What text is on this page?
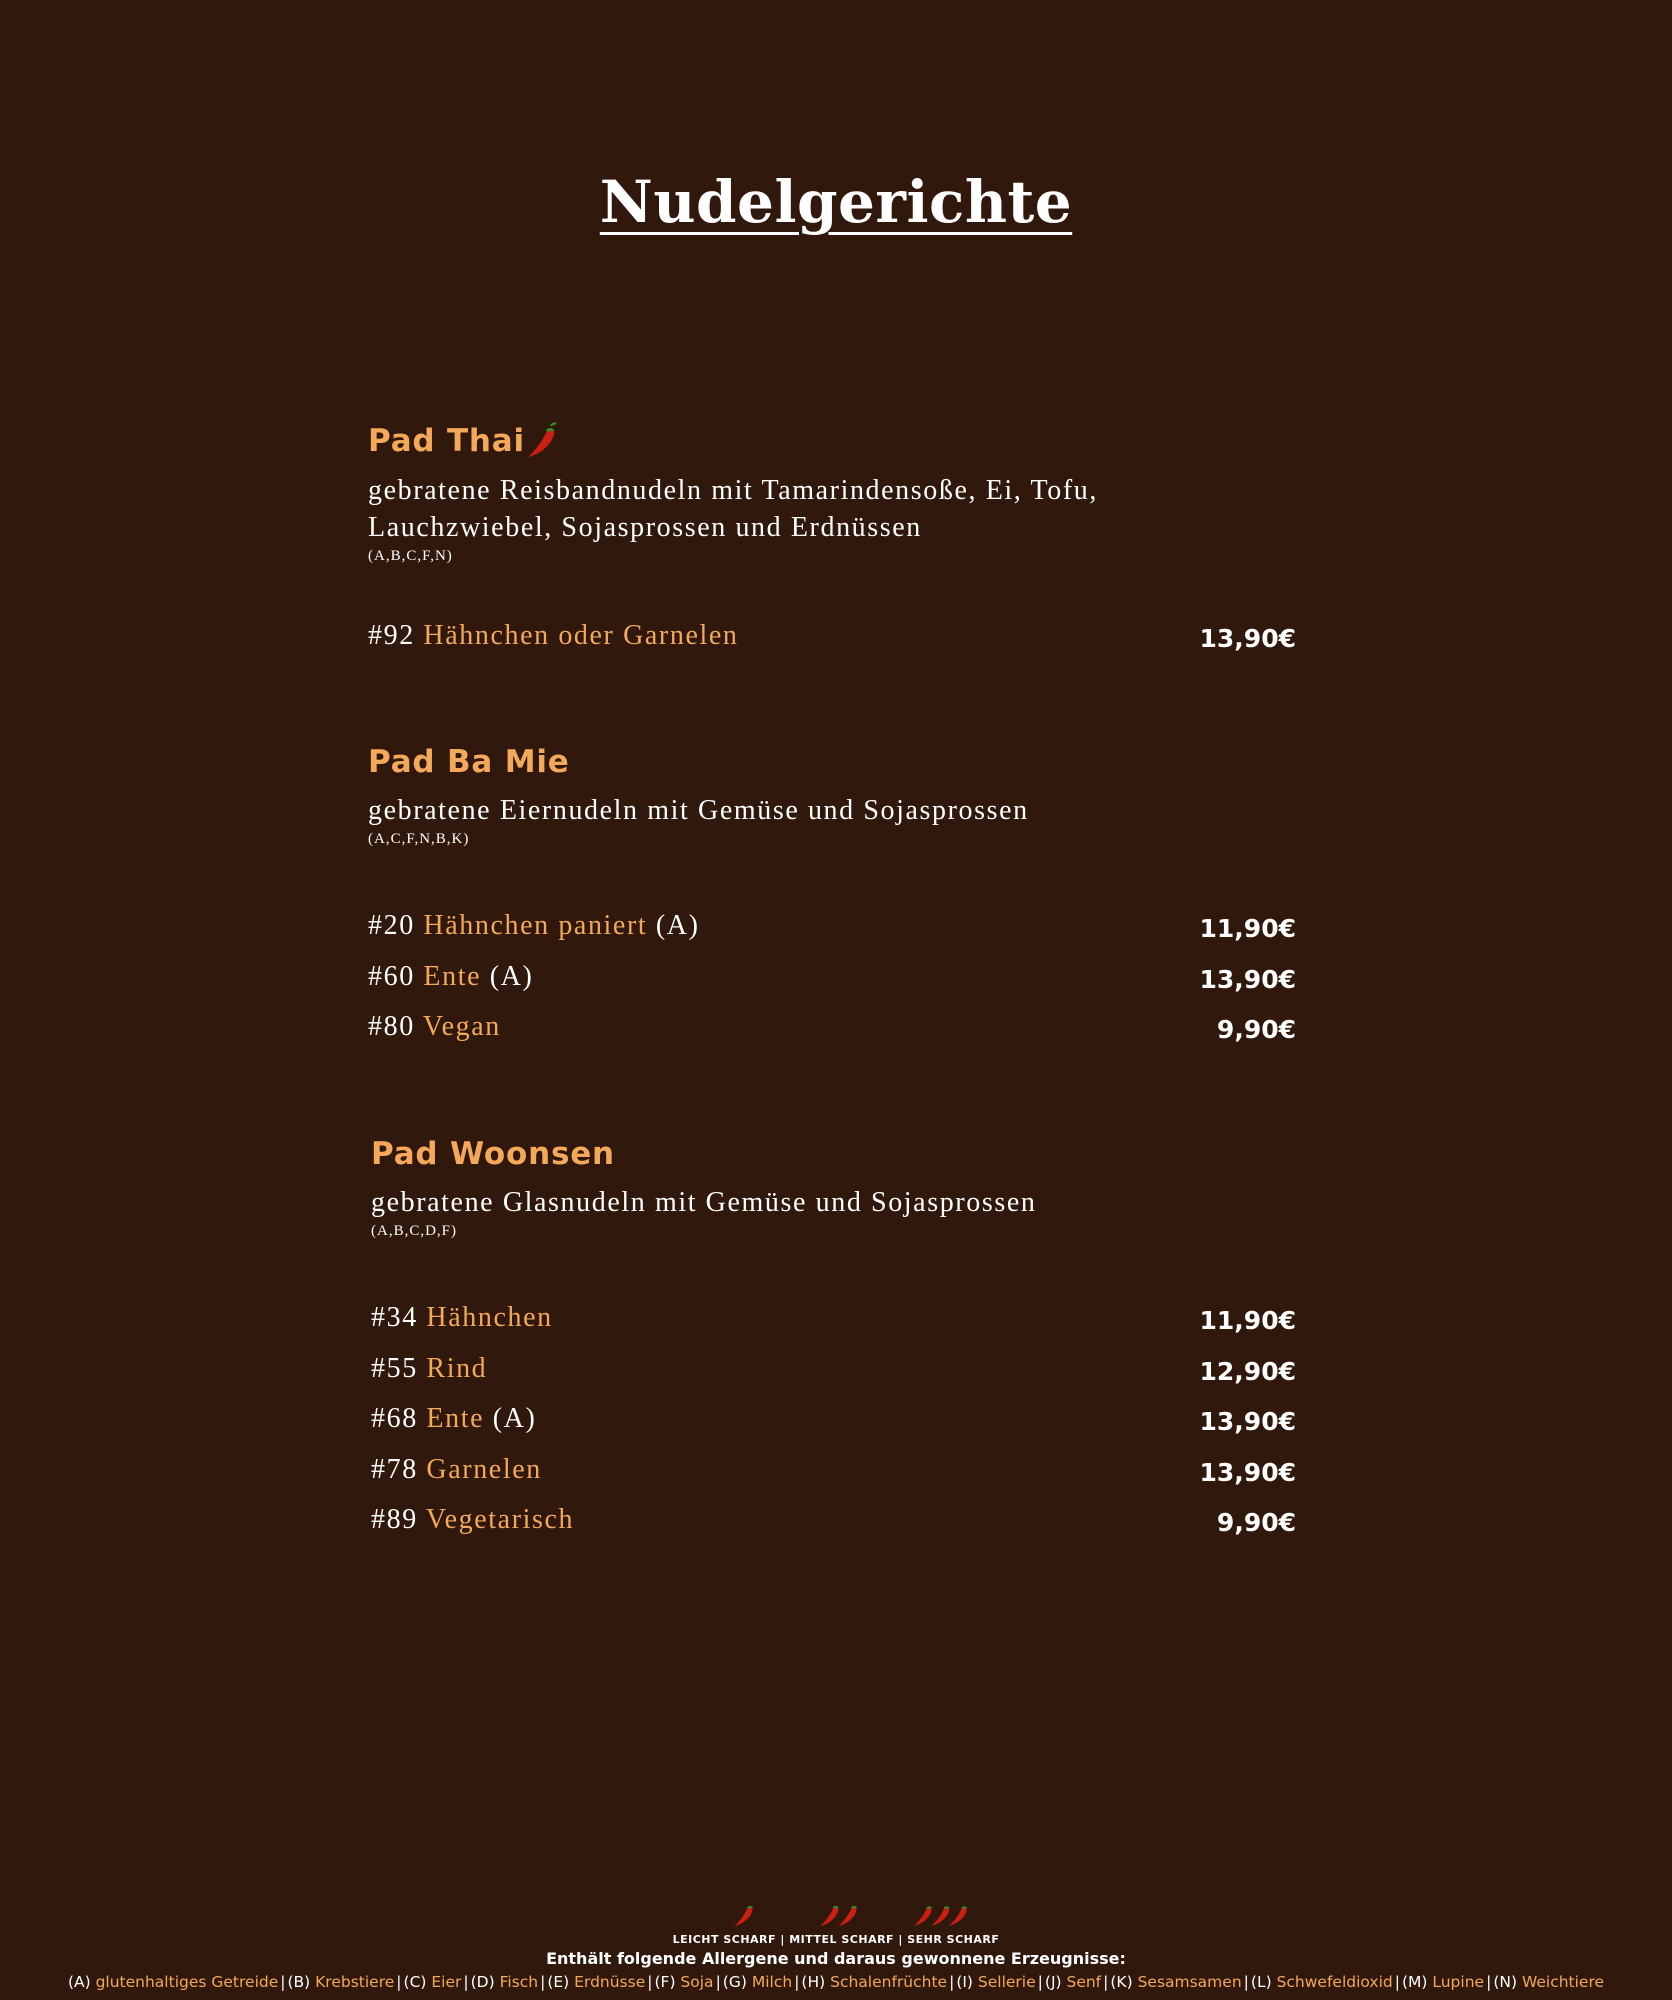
Nudelgerichte
Pad Thai
gebratene Reisbandnudeln mit Tamarindensoße, Ei, Tofu,
Lauchzwiebel, Sojasprossen und Erdnüssen
(A,B,C,F,N)
#92 Hähnchen oder Garnelen	13,90€
Pad Ba Mie
gebratene Eiernudeln mit Gemüse und Sojasprossen
(A,C,F,N,B,K)
#20 Hähnchen paniert (A)	11,90€
#60 Ente (A)	13,90€
#80 Vegan	9,90€
Pad Woonsen
gebratene Glasnudeln mit Gemüse und Sojasprossen
(A,B,C,D,F)
#34 Hähnchen	11,90€
#55 Rind	12,90€
#68 Ente (A)	13,90€
#78 Garnelen	13,90€
#89 Vegetarisch	9,90€
LEICHT SCHARF | MITTEL SCHARF | SEHR SCHARF
Enthält folgende Allergene und daraus gewonnene Erzeugnisse:
(A) glutenhaltiges Getreide | (B) Krebstiere | (C) Eier | (D) Fisch | (E) Erdnüsse | (F) Soja | (G) Milch | (H) Schalenfrüchte | (I) Sellerie | (J) Senf | (K) Sesamsamen | (L) Schwefeldioxid | (M) Lupine | (N) Weichtiere
